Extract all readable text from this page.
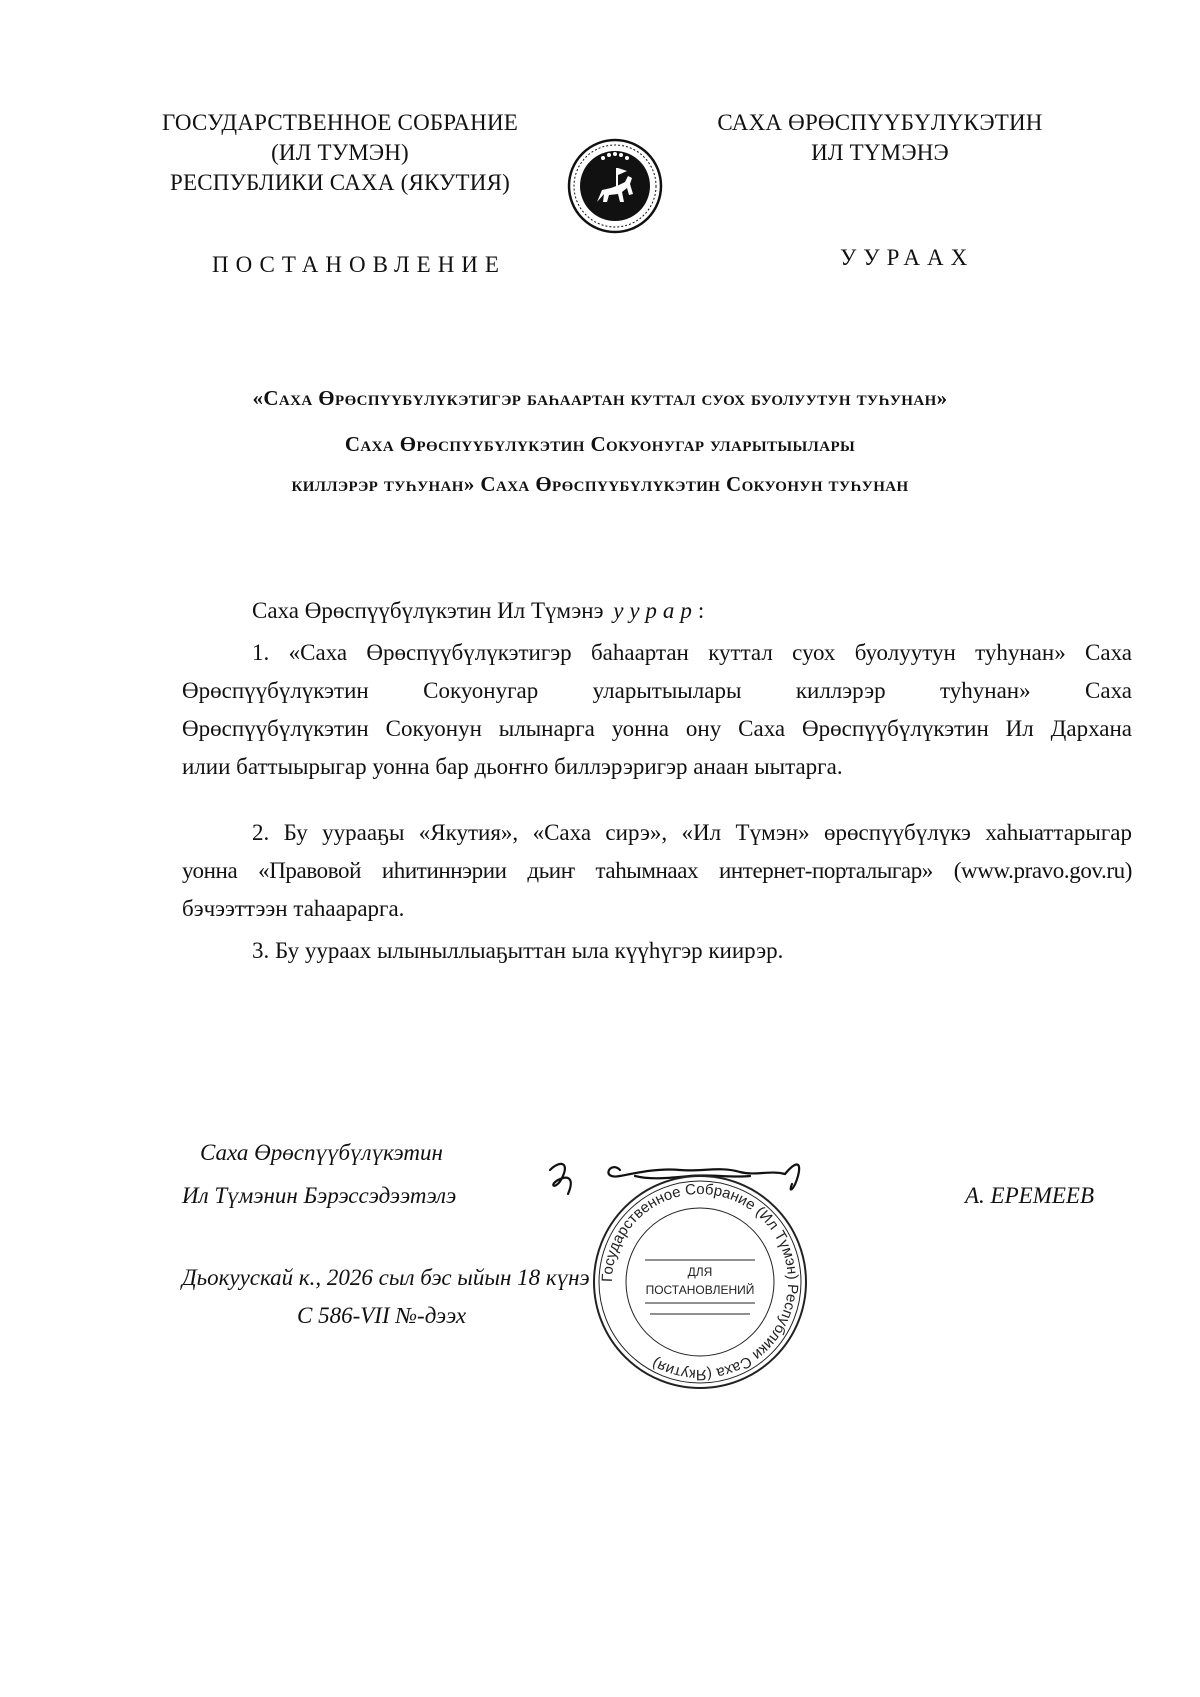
ГОСУДАРСТВЕННОЕ СОБРАНИЕ
(ИЛ ТУМЭН)
РЕСПУБЛИКИ САХА (ЯКУТИЯ)
САХА ӨРӨСПҮҮБҮЛҮКЭТИН
ИЛ ТҮМЭНЭ
ПОСТАНОВЛЕНИЕ	УУРААХ
«Саха Өрөспүүбүлүкэтигэр баһаартан куттал суох буолуутун туһунан»
Саха Өрөспүүбүлүкэтин Сокуонугар уларытыылары
киллэрэр туһунан» Саха Өрөспүүбүлүкэтин Сокуонун туһунан
Саха Өрөспүүбүлүкэтин Ил Түмэнэ уурар:
1. «Саха Өрөспүүбүлүкэтигэр баһаартан куттал суох буолуутун туһунан» Саха
Өрөспүүбүлүкэтин Сокуонугар уларытыылары киллэрэр туһунан» Саха
Өрөспүүбүлүкэтин Сокуонун ылынарга уонна ону Саха Өрөспүүбүлүкэтин Ил Дархана
илии баттыырыгар уонна бар дьоҥҥо биллэрэригэр анаан ыытарга.
2. Бу уурааҕы «Якутия», «Саха сирэ», «Ил Түмэн» өрөспүүбүлүкэ хаһыаттарыгар
уонна «Правовой иһитиннэрии дьиҥ таһымнаах интернет-порталыгар» (www.pravo.gov.ru)
бэчээттээн таһаарарга.
3. Бу уураах ылыныллыаҕыттан ыла күүһүгэр киирэр.
Саха Өрөспүүбүлүкэтин
Ил Түмэнин Бэрэссэдээтэлэ	А. ЕРЕМЕЕВ
Дьокуускай к., 2026 сыл бэс ыйын 18 күнэ
С 586-VII №-дээх
Государственное Собрание (Ил Түмэн) Республики Саха (Якутия)
ДЛЯ
ПОСТАНОВЛЕНИЙ
